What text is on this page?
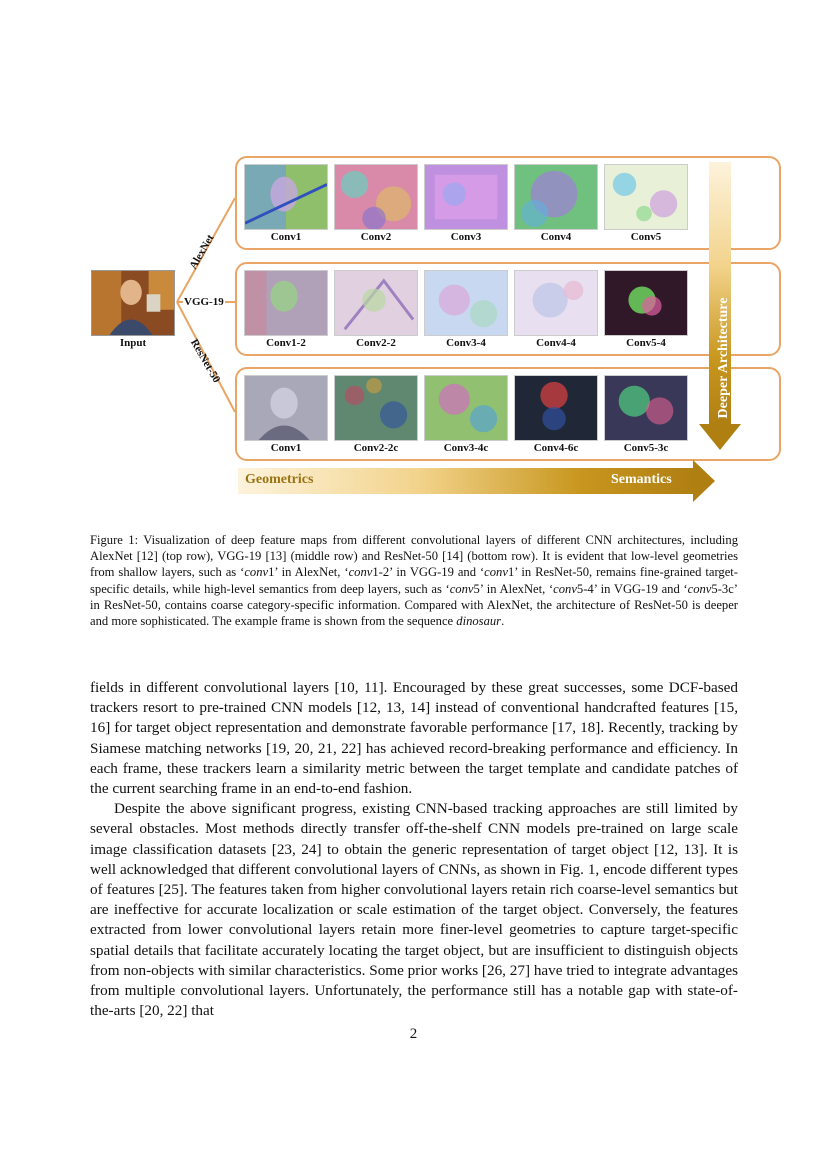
Input
AlexNet
VGG-19
ResNet-50
Conv1	Conv2	Conv3	Conv4	Conv5
Conv1-2	Conv2-2	Conv3-4	Conv4-4	Conv5-4
Conv1	Conv2-2c	Conv3-4c	Conv4-6c	Conv5-3c
Geometrics	Semantics
Deeper Architecture
Figure 1: Visualization of deep feature maps from different convolutional layers of different CNN architectures, including AlexNet [12] (top row), VGG-19 [13] (middle row) and ResNet-50 [14] (bottom row). It is evident that low-level geometries from shallow layers, such as ‘conv1’ in AlexNet, ‘conv1-2’ in VGG-19 and ‘conv1’ in ResNet-50, remains fine-grained target-specific details, while high-level semantics from deep layers, such as ‘conv5’ in AlexNet, ‘conv5-4’ in VGG-19 and ‘conv5-3c’ in ResNet-50, contains coarse category-specific information. Compared with AlexNet, the architecture of ResNet-50 is deeper and more sophisticated. The example frame is shown from the sequence dinosaur.

fields in different convolutional layers [10, 11]. Encouraged by these great successes, some DCF-based trackers resort to pre-trained CNN models [12, 13, 14] instead of conventional handcrafted features [15, 16] for target object representation and demonstrate favorable performance [17, 18]. Recently, tracking by Siamese matching networks [19, 20, 21, 22] has achieved record-breaking performance and efficiency. In each frame, these trackers learn a similarity metric between the target template and candidate patches of the current searching frame in an end-to-end fashion.

Despite the above significant progress, existing CNN-based tracking approaches are still limited by several obstacles. Most methods directly transfer off-the-shelf CNN models pre-trained on large scale image classification datasets [23, 24] to obtain the generic representation of target object [12, 13]. It is well acknowledged that different convolutional layers of CNNs, as shown in Fig. 1, encode different types of features [25]. The features taken from higher convolutional layers retain rich coarse-level semantics but are ineffective for accurate localization or scale estimation of the target object. Conversely, the features extracted from lower convolutional layers retain more finer-level geometries to capture target-specific spatial details that facilitate accurately locating the target object, but are insufficient to distinguish objects from non-objects with similar characteristics. Some prior works [26, 27] have tried to integrate advantages from multiple convolutional layers. Unfortunately, the performance still has a notable gap with state-of-the-arts [20, 22] that

2
